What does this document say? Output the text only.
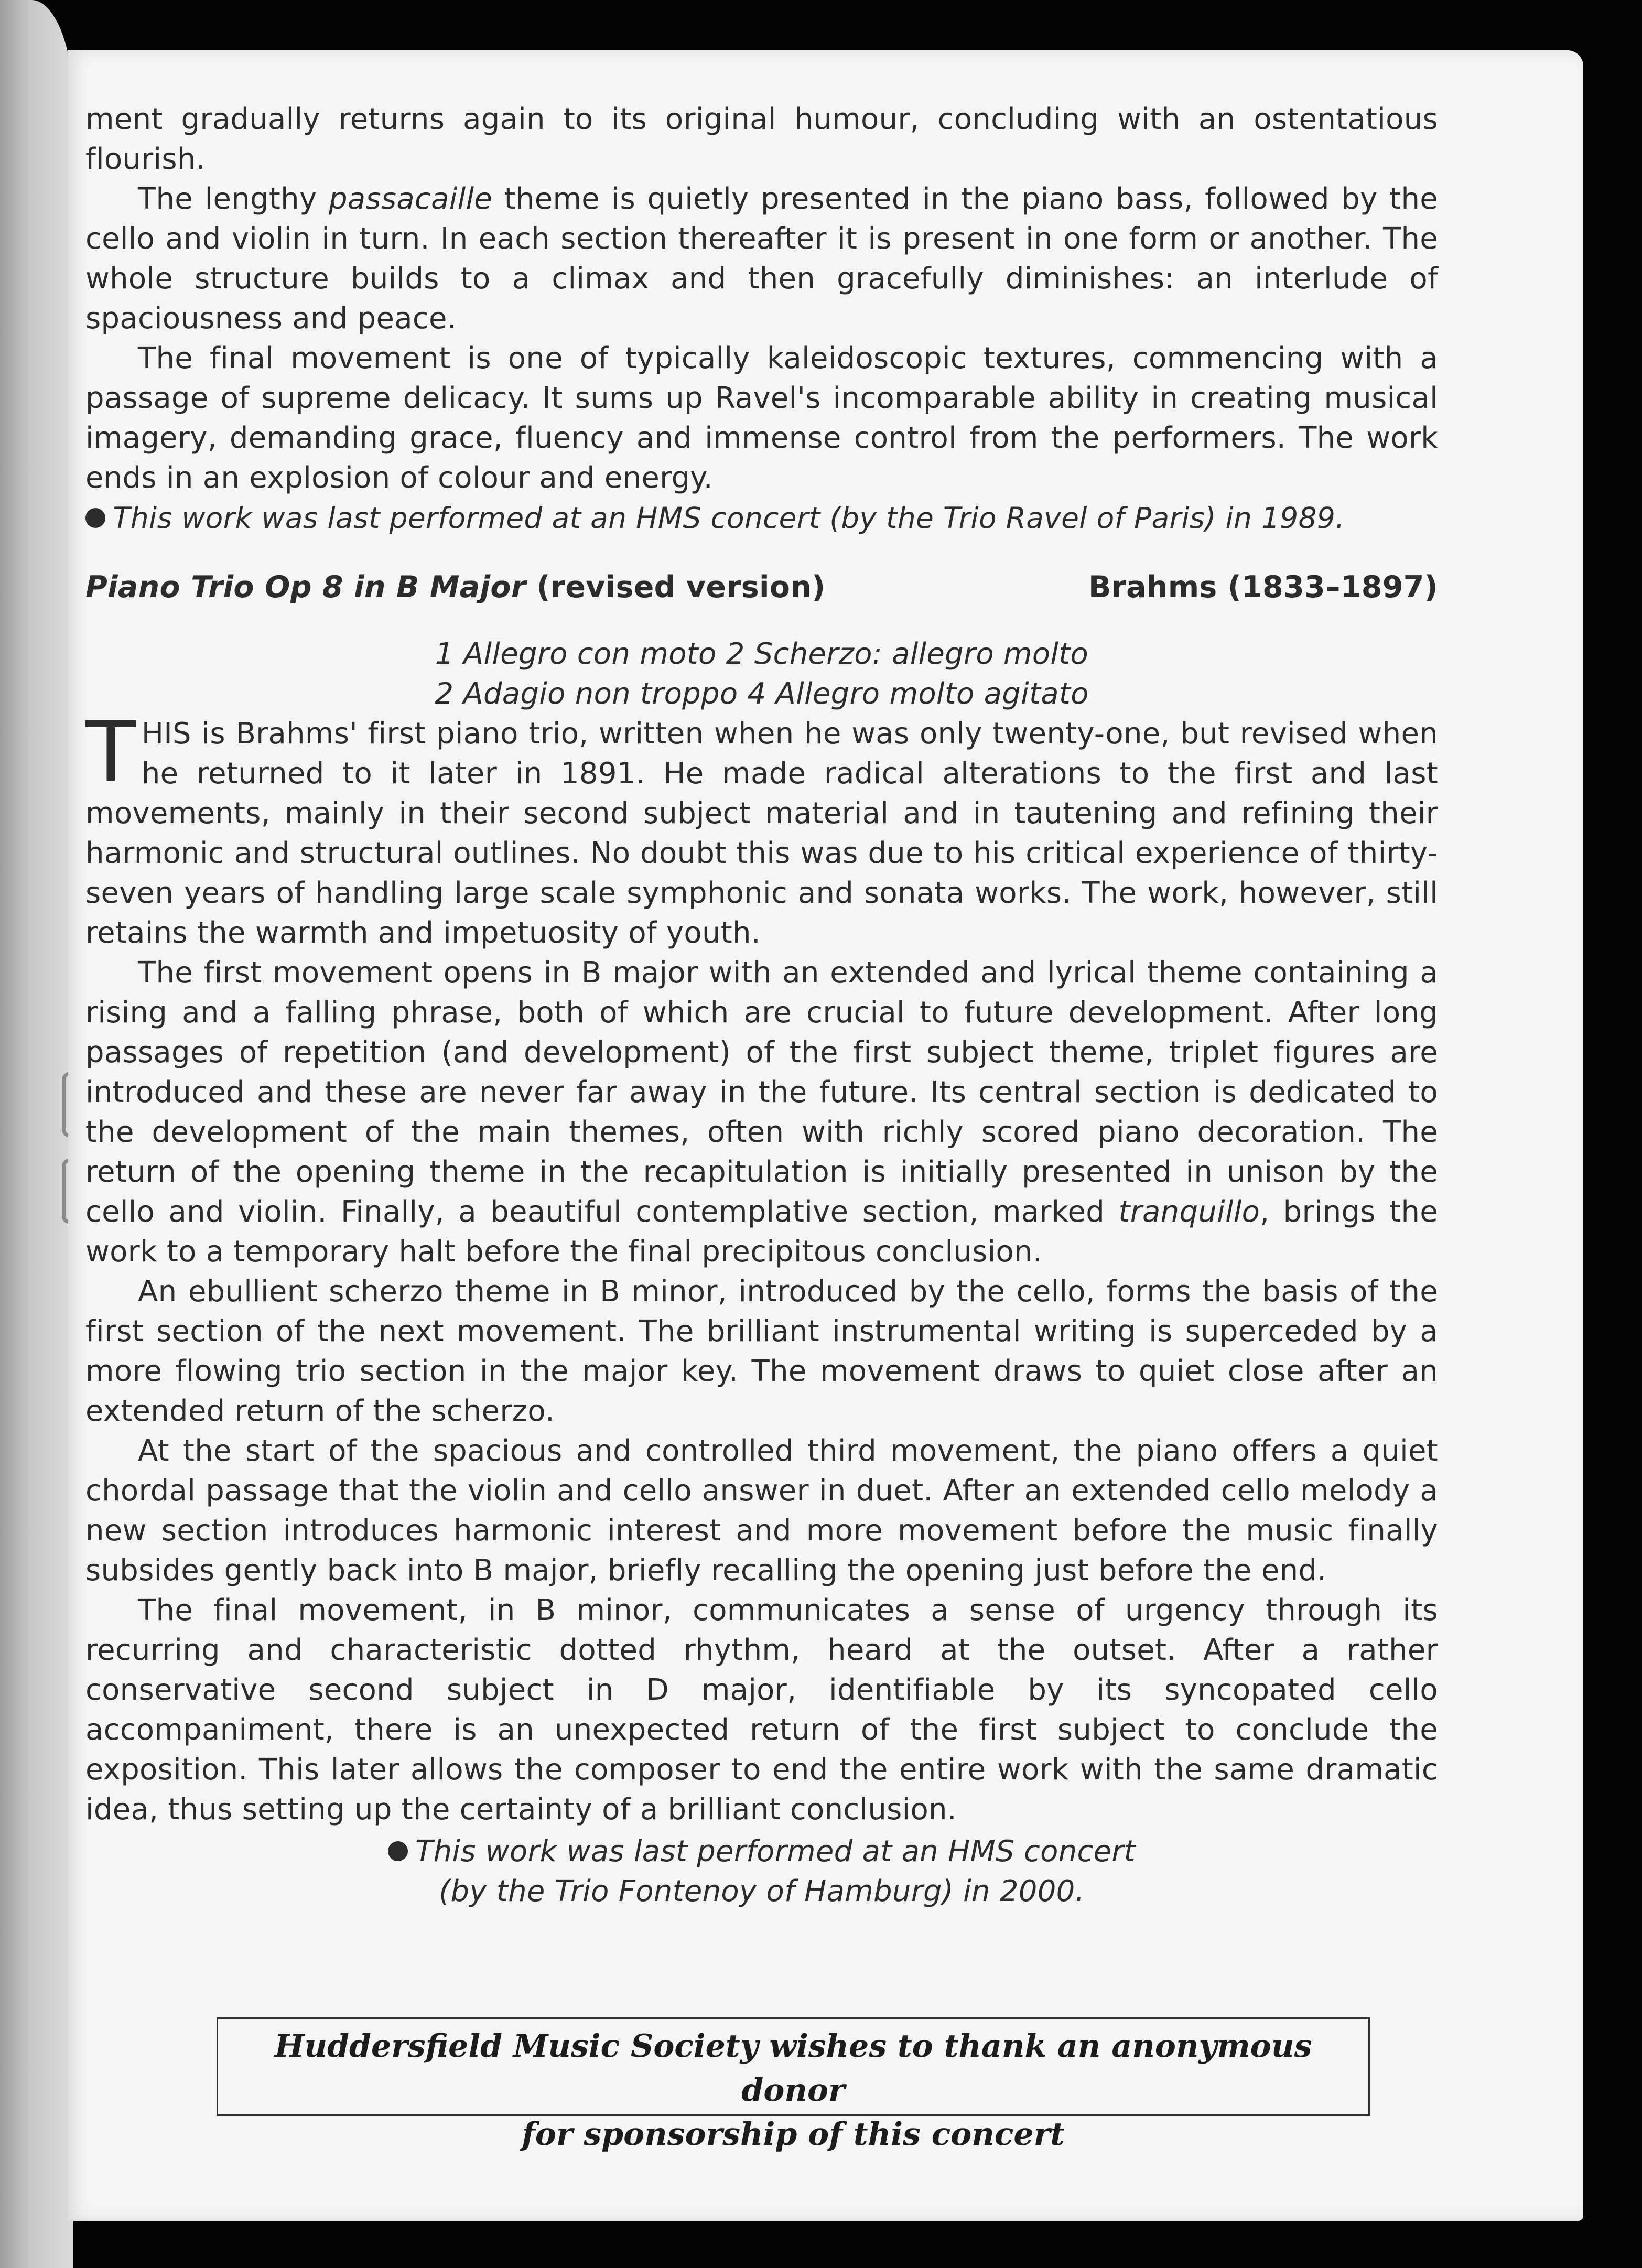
ment gradually returns again to its original humour, concluding with an ostentatious flourish.

The lengthy passacaille theme is quietly presented in the piano bass, followed by the cello and violin in turn. In each section thereafter it is present in one form or another. The whole structure builds to a climax and then gracefully diminishes: an interlude of spaciousness and peace.

The final movement is one of typically kaleidoscopic textures, commencing with a passage of supreme delicacy. It sums up Ravel's incomparable ability in creating musical imagery, demanding grace, fluency and immense control from the performers. The work ends in an explosion of colour and energy.

This work was last performed at an HMS concert (by the Trio Ravel of Paris) in 1989.

Piano Trio Op 8 in B Major (revised version)	Brahms (1833–1897)
1 Allegro con moto 2 Scherzo: allegro molto
2 Adagio non troppo 4 Allegro molto agitato

THIS is Brahms' first piano trio, written when he was only twenty-one, but revised when he returned to it later in 1891. He made radical alterations to the first and last movements, mainly in their second subject material and in tautening and refining their harmonic and structural outlines. No doubt this was due to his critical experience of thirty-seven years of handling large scale symphonic and sonata works. The work, however, still retains the warmth and impetuosity of youth.

The first movement opens in B major with an extended and lyrical theme containing a rising and a falling phrase, both of which are crucial to future development. After long passages of repetition (and development) of the first subject theme, triplet figures are introduced and these are never far away in the future. Its central section is dedicated to the development of the main themes, often with richly scored piano decoration. The return of the opening theme in the recapitulation is initially presented in unison by the cello and violin. Finally, a beautiful contemplative section, marked tranquillo, brings the work to a temporary halt before the final precipitous conclusion.

An ebullient scherzo theme in B minor, introduced by the cello, forms the basis of the first section of the next movement. The brilliant instrumental writing is superceded by a more flowing trio section in the major key. The movement draws to quiet close after an extended return of the scherzo.

At the start of the spacious and controlled third movement, the piano offers a quiet chordal passage that the violin and cello answer in duet. After an extended cello melody a new section introduces harmonic interest and more movement before the music finally subsides gently back into B major, briefly recalling the opening just before the end.

The final movement, in B minor, communicates a sense of urgency through its recurring and characteristic dotted rhythm, heard at the outset. After a rather conservative second subject in D major, identifiable by its syncopated cello accompaniment, there is an unexpected return of the first subject to conclude the exposition. This later allows the composer to end the entire work with the same dramatic idea, thus setting up the certainty of a brilliant conclusion.

This work was last performed at an HMS concert
(by the Trio Fontenoy of Hamburg) in 2000.
Huddersfield Music Society wishes to thank an anonymous donor
for sponsorship of this concert
